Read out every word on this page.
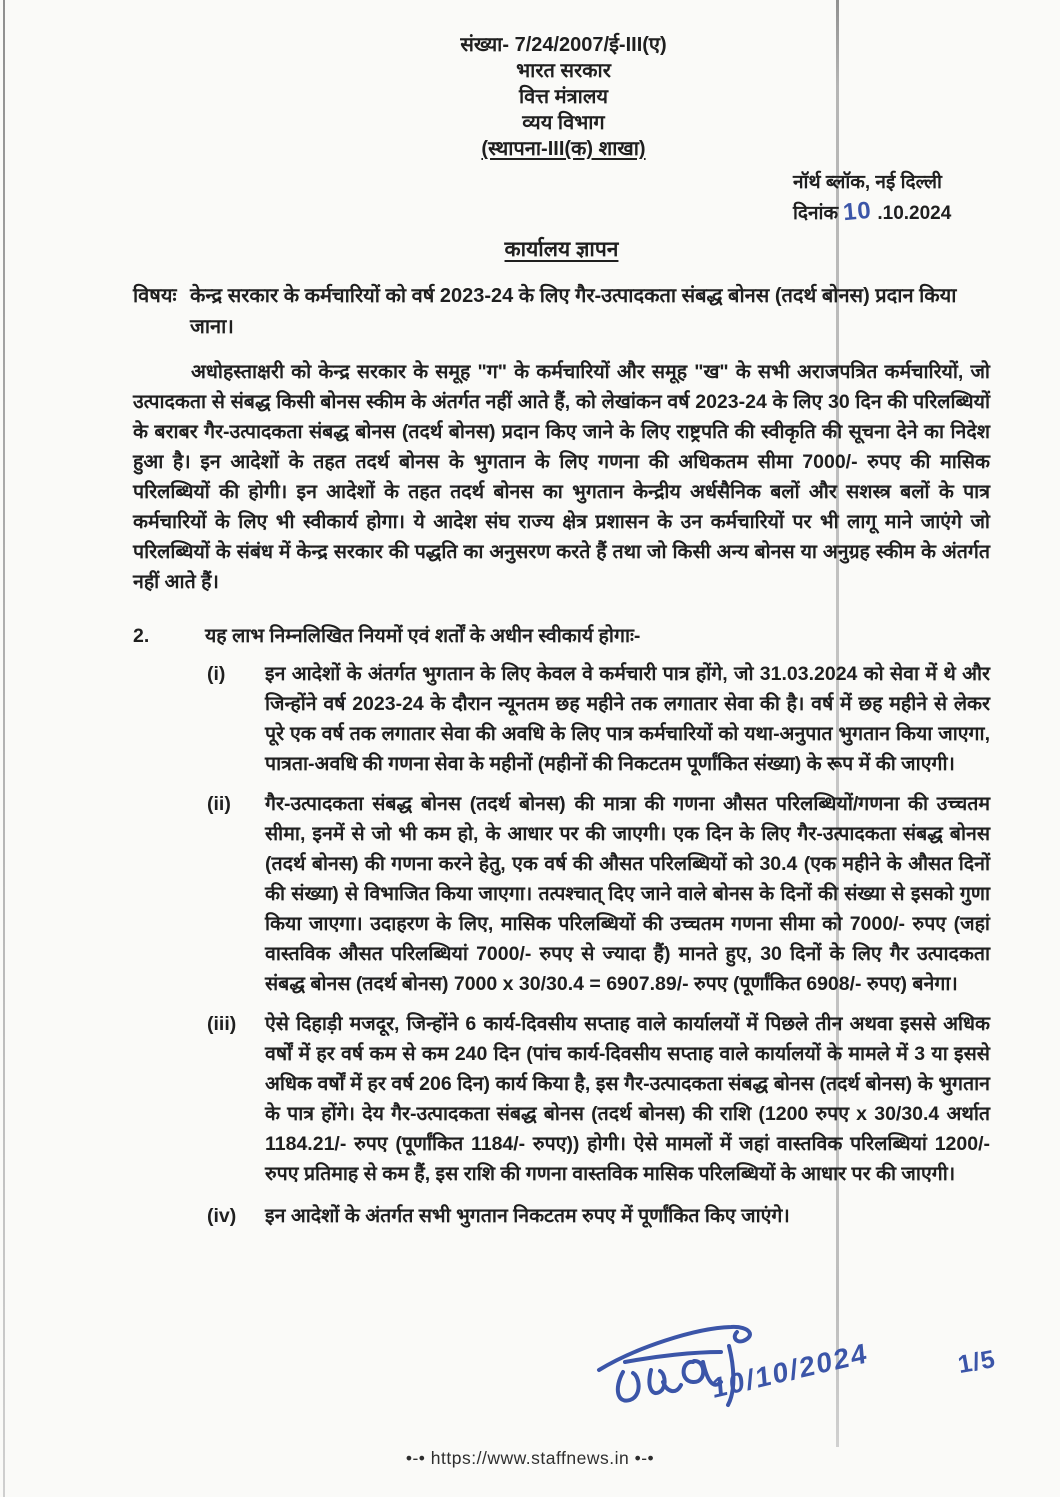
संख्या- 7/24/2007/ई-III(ए)
भारत सरकार
वित्त मंत्रालय
व्यय विभाग
(स्थापना-III(क) शाखा)
नॉर्थ ब्लॉक, नई दिल्ली
दिनांक 10 .10.2024
कार्यालय ज्ञापन
विषयः केन्द्र सरकार के कर्मचारियों को वर्ष 2023-24 के लिए गैर-उत्पादकता संबद्ध बोनस (तदर्थ बोनस) प्रदान किया जाना।
अधोहस्ताक्षरी को केन्द्र सरकार के समूह "ग" के कर्मचारियों और समूह "ख" के सभी अराजपत्रित कर्मचारियों, जो उत्पादकता से संबद्ध किसी बोनस स्कीम के अंतर्गत नहीं आते हैं, को लेखांकन वर्ष 2023-24 के लिए 30 दिन की परिलब्धियों के बराबर गैर-उत्पादकता संबद्ध बोनस (तदर्थ बोनस) प्रदान किए जाने के लिए राष्ट्रपति की स्वीकृति की सूचना देने का निदेश हुआ है। इन आदेशों के तहत तदर्थ बोनस के भुगतान के लिए गणना की अधिकतम सीमा 7000/- रुपए की मासिक परिलब्धियों की होगी। इन आदेशों के तहत तदर्थ बोनस का भुगतान केन्द्रीय अर्धसैनिक बलों और सशस्त्र बलों के पात्र कर्मचारियों के लिए भी स्वीकार्य होगा। ये आदेश संघ राज्य क्षेत्र प्रशासन के उन कर्मचारियों पर भी लागू माने जाएंगे जो परिलब्धियों के संबंध में केन्द्र सरकार की पद्धति का अनुसरण करते हैं तथा जो किसी अन्य बोनस या अनुग्रह स्कीम के अंतर्गत नहीं आते हैं।
2.	यह लाभ निम्नलिखित नियमों एवं शर्तों के अधीन स्वीकार्य होगाः-
(i)	इन आदेशों के अंतर्गत भुगतान के लिए केवल वे कर्मचारी पात्र होंगे, जो 31.03.2024 को सेवा में थे और जिन्होंने वर्ष 2023-24 के दौरान न्यूनतम छह महीने तक लगातार सेवा की है। वर्ष में छह महीने से लेकर पूरे एक वर्ष तक लगातार सेवा की अवधि के लिए पात्र कर्मचारियों को यथा-अनुपात भुगतान किया जाएगा, पात्रता-अवधि की गणना सेवा के महीनों (महीनों की निकटतम पूर्णांकित संख्या) के रूप में की जाएगी।
(ii)	गैर-उत्पादकता संबद्ध बोनस (तदर्थ बोनस) की मात्रा की गणना औसत परिलब्धियों/गणना की उच्चतम सीमा, इनमें से जो भी कम हो, के आधार पर की जाएगी। एक दिन के लिए गैर-उत्पादकता संबद्ध बोनस (तदर्थ बोनस) की गणना करने हेतु, एक वर्ष की औसत परिलब्धियों को 30.4 (एक महीने के औसत दिनों की संख्या) से विभाजित किया जाएगा। तत्पश्चात् दिए जाने वाले बोनस के दिनों की संख्या से इसको गुणा किया जाएगा। उदाहरण के लिए, मासिक परिलब्धियों की उच्चतम गणना सीमा को 7000/- रुपए (जहां वास्तविक औसत परिलब्धियां 7000/- रुपए से ज्यादा हैं) मानते हुए, 30 दिनों के लिए गैर उत्पादकता संबद्ध बोनस (तदर्थ बोनस) 7000 x 30/30.4 = 6907.89/- रुपए (पूर्णांकित 6908/- रुपए) बनेगा।
(iii)	ऐसे दिहाड़ी मजदूर, जिन्होंने 6 कार्य-दिवसीय सप्ताह वाले कार्यालयों में पिछले तीन अथवा इससे अधिक वर्षों में हर वर्ष कम से कम 240 दिन (पांच कार्य-दिवसीय सप्ताह वाले कार्यालयों के मामले में 3 या इससे अधिक वर्षों में हर वर्ष 206 दिन) कार्य किया है, इस गैर-उत्पादकता संबद्ध बोनस (तदर्थ बोनस) के भुगतान के पात्र होंगे। देय गैर-उत्पादकता संबद्ध बोनस (तदर्थ बोनस) की राशि (1200 रुपए x 30/30.4 अर्थात 1184.21/- रुपए (पूर्णांकित 1184/- रुपए)) होगी। ऐसे मामलों में जहां वास्तविक परिलब्धियां 1200/- रुपए प्रतिमाह से कम हैं, इस राशि की गणना वास्तविक मासिक परिलब्धियों के आधार पर की जाएगी।
(iv)	इन आदेशों के अंतर्गत सभी भुगतान निकटतम रुपए में पूर्णांकित किए जाएंगे।
10/10/2024	1/5
•-• https://www.staffnews.in •-•
